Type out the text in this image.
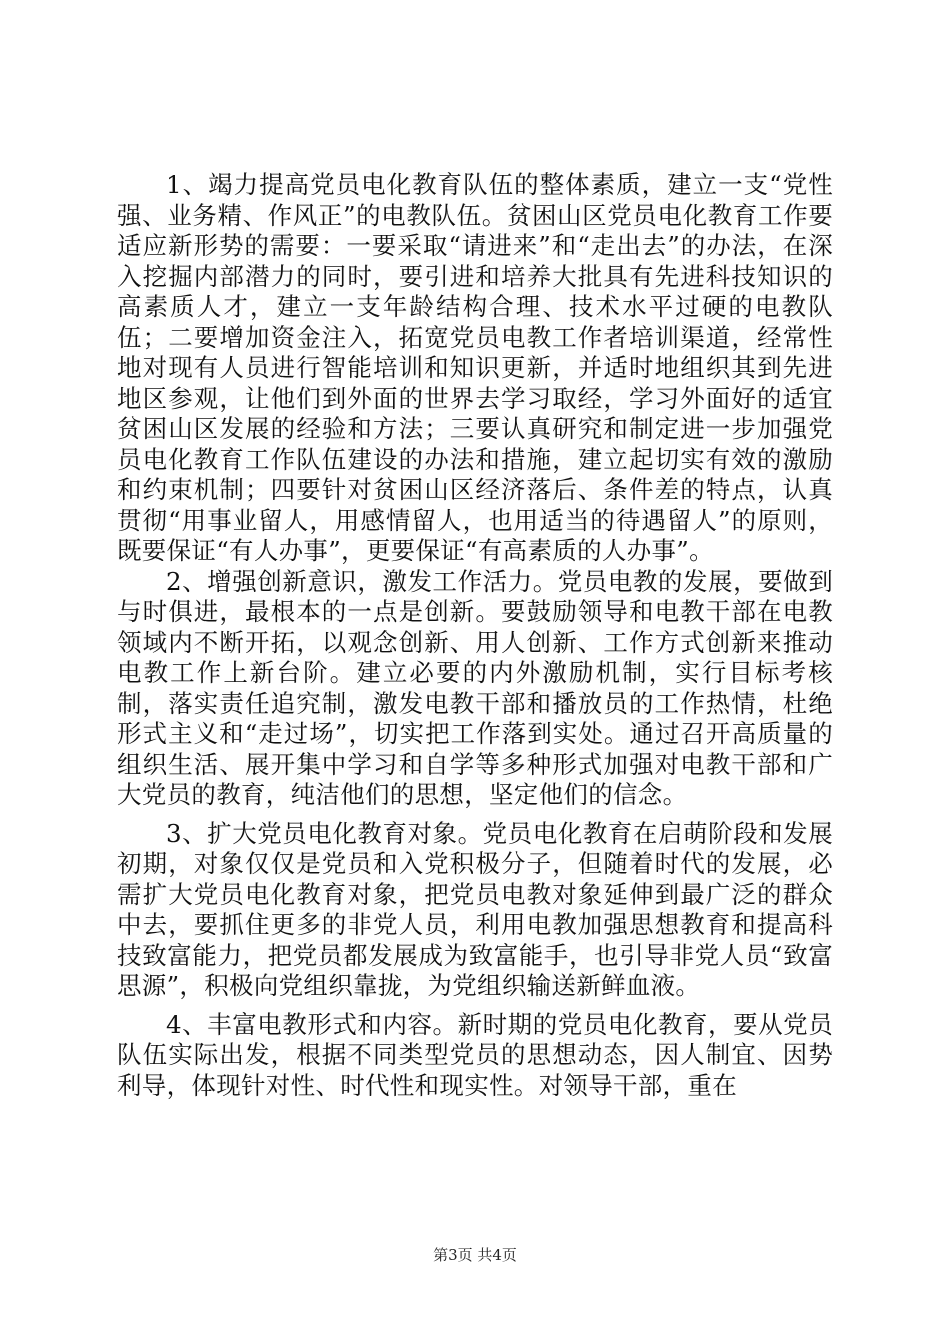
1、竭力提高党员电化教育队伍的整体素质，建立一支“党性强、业务精、作风正”的电教队伍。贫困山区党员电化教育工作要适应新形势的需要：一要采取“请进来”和“走出去”的办法，在深入挖掘内部潜力的同时，要引进和培养大批具有先进科技知识的高素质人才，建立一支年龄结构合理、技术水平过硬的电教队伍；二要增加资金注入，拓宽党员电教工作者培训渠道，经常性地对现有人员进行智能培训和知识更新，并适时地组织其到先进地区参观，让他们到外面的世界去学习取经，学习外面好的适宜贫困山区发展的经验和方法；三要认真研究和制定进一步加强党员电化教育工作队伍建设的办法和措施，建立起切实有效的激励和约束机制；四要针对贫困山区经济落后、条件差的特点，认真贯彻“用事业留人，用感情留人，也用适当的待遇留人”的原则，既要保证“有人办事”，更要保证“有高素质的人办事”。

2、增强创新意识，激发工作活力。党员电教的发展，要做到与时俱进，最根本的一点是创新。要鼓励领导和电教干部在电教领域内不断开拓，以观念创新、用人创新、工作方式创新来推动电教工作上新台阶。建立必要的内外激励机制，实行目标考核制，落实责任追究制，激发电教干部和播放员的工作热情，杜绝形式主义和“走过场”，切实把工作落到实处。通过召开高质量的组织生活、展开集中学习和自学等多种形式加强对电教干部和广大党员的教育，纯洁他们的思想，坚定他们的信念。

3、扩大党员电化教育对象。党员电化教育在启萌阶段和发展初期，对象仅仅是党员和入党积极分子，但随着时代的发展，必需扩大党员电化教育对象，把党员电教对象延伸到最广泛的群众中去，要抓住更多的非党人员，利用电教加强思想教育和提高科技致富能力，把党员都发展成为致富能手，也引导非党人员“致富思源”，积极向党组织靠拢，为党组织输送新鲜血液。

4、丰富电教形式和内容。新时期的党员电化教育，要从党员队伍实际出发，根据不同类型党员的思想动态，因人制宜、因势利导，体现针对性、时代性和现实性。对领导干部，重在

第3页 共4页
